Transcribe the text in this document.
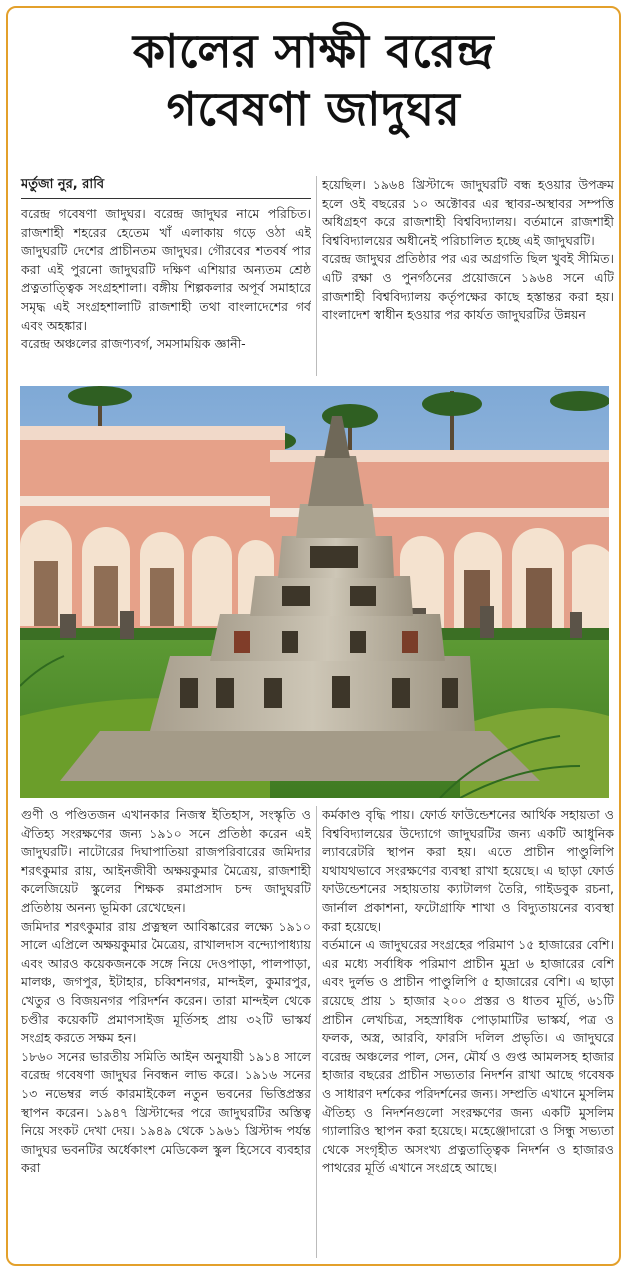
কালের সাক্ষী বরেন্দ্র
গবেষণা জাদুঘর
মর্তুজা নুর, রাবি

বরেন্দ্র গবেষণা জাদুঘর। বরেন্দ্র জাদুঘর নামে পরিচিত। রাজশাহী শহরের হেতেম খাঁ এলাকায় গড়ে ওঠা এই জাদুঘরটি দেশের প্রাচীনতম জাদুঘর। গৌরবের শতবর্ষ পার করা এই পুরনো জাদুঘরটি দক্ষিণ এশিয়ার অন্যতম শ্রেষ্ঠ প্রত্নতাত্ত্বিক সংগ্রহশালা। বঙ্গীয় শিল্পকলার অপূর্ব সমাহারে সমৃদ্ধ এই সংগ্রহশালাটি রাজশাহী তথা বাংলাদেশের গর্ব এবং অহঙ্কার।

বরেন্দ্র অঞ্চলের রাজণ্যবর্গ, সমসাময়িক জ্ঞানী-

হয়েছিল। ১৯৬৪ খ্রিস্টাব্দে জাদুঘরটি বন্ধ হওয়ার উপক্রম হলে ওই বছরের ১০ অক্টোবর এর স্থাবর-অস্থাবর সম্পত্তি অধিগ্রহণ করে রাজশাহী বিশ্ববিদ্যালয়। বর্তমানে রাজশাহী বিশ্ববিদ্যালয়ের অধীনেই পরিচালিত হচ্ছে এই জাদুঘরটি।

বরেন্দ্র জাদুঘর প্রতিষ্ঠার পর এর অগ্রগতি ছিল খুবই সীমিত। এটি রক্ষা ও পুনর্গঠনের প্রয়োজনে ১৯৬৪ সনে এটি রাজশাহী বিশ্ববিদ্যালয় কর্তৃপক্ষের কাছে হস্তান্তর করা হয়। বাংলাদেশ স্বাধীন হওয়ার পর কার্যত জাদুঘরটির উন্নয়ন

গুণী ও পণ্ডিতজন এখানকার নিজস্ব ইতিহাস, সংস্কৃতি ও ঐতিহ্য সংরক্ষণের জন্য ১৯১০ সনে প্রতিষ্ঠা করেন এই জাদুঘরটি। নাটোরের দিঘাপাতিয়া রাজপরিবারের জমিদার শরৎকুমার রায়, আইনজীবী অক্ষয়কুমার মৈত্রেয়, রাজশাহী কলেজিয়েট স্কুলের শিক্ষক রমাপ্রসাদ চন্দ জাদুঘরটি প্রতিষ্ঠায় অনন্য ভূমিকা রেখেছেন।

জমিদার শরৎকুমার রায় প্রত্নস্থল আবিষ্কারের লক্ষ্যে ১৯১০ সালে এপ্রিলে অক্ষয়কুমার মৈত্রেয়, রাখালদাস বন্দ্যোপাধ্যায় এবং আরও কয়েকজনকে সঙ্গে নিয়ে দেওপাড়া, পালপাড়া, মালঞ্চ, জগপুর, ইটাহার, চব্বিশনগর, মান্দইল, কুমারপুর, খেতুর ও বিজয়নগর পরিদর্শন করেন। তারা মান্দইল থেকে চণ্ডীর কয়েকটি প্রমাণসাইজ মূর্তিসহ প্রায় ৩২টি ভাস্কর্য সংগ্রহ করতে সক্ষম হন।

১৮৬০ সনের ভারতীয় সমিতি আইন অনুযায়ী ১৯১৪ সালে বরেন্দ্র গবেষণা জাদুঘর নিবন্ধন লাভ করে। ১৯১৬ সনের ১৩ নভেম্বর লর্ড কারমাইকেল নতুন ভবনের ভিত্তিপ্রস্তর স্থাপন করেন। ১৯৪৭ খ্রিস্টাব্দের পরে জাদুঘরটির অস্তিত্ব নিয়ে সংকট দেখা দেয়। ১৯৪৯ থেকে ১৯৬১ খ্রিস্টাব্দ পর্যন্ত জাদুঘর ভবনটির অর্ধেকাংশ মেডিকেল স্কুল হিসেবে ব্যবহার করা

কর্মকাণ্ড বৃদ্ধি পায়। ফোর্ড ফাউন্ডেশনের আর্থিক সহায়তা ও বিশ্ববিদ্যালয়ের উদ্যোগে জাদুঘরটির জন্য একটি আধুনিক ল্যাবরেটরি স্থাপন করা হয়। এতে প্রাচীন পাণ্ডুলিপি যথাযথভাবে সংরক্ষণের ব্যবস্থা রাখা হয়েছে। এ ছাড়া ফোর্ড ফাউন্ডেশনের সহায়তায় ক্যাটালগ তৈরি, গাইডবুক রচনা, জার্নাল প্রকাশনা, ফটোগ্রাফি শাখা ও বিদ্যুতায়নের ব্যবস্থা করা হয়েছে।

বর্তমানে এ জাদুঘরের সংগ্রহের পরিমাণ ১৫ হাজারের বেশি। এর মধ্যে সর্বাধিক পরিমাণ প্রাচীন মুদ্রা ৬ হাজারের বেশি এবং দুর্লভ ও প্রাচীন পাণ্ডুলিপি ৫ হাজারের বেশি। এ ছাড়া রয়েছে প্রায় ১ হাজার ২০০ প্রস্তর ও ধাতব মূর্তি, ৬১টি প্রাচীন লেখচিত্র, সহস্রাধিক পোড়ামাটির ভাস্কর্য, পত্র ও ফলক, অস্ত্র, আরবি, ফারসি দলিল প্রভৃতি। এ জাদুঘরে বরেন্দ্র অঞ্চলের পাল, সেন, মৌর্য ও গুপ্ত আমলসহ হাজার হাজার বছরের প্রাচীন সভ্যতার নিদর্শন রাখা আছে গবেষক ও সাধারণ দর্শকের পরিদর্শনের জন্য। সম্প্রতি এখানে মুসলিম ঐতিহ্য ও নিদর্শনগুলো সংরক্ষণের জন্য একটি মুসলিম গ্যালারিও স্থাপন করা হয়েছে। মহেঞ্জোদারো ও সিন্ধু সভ্যতা থেকে সংগৃহীত অসংখ্য প্রত্নতাত্ত্বিক নিদর্শন ও হাজারও পাথরের মূর্তি এখানে সংগ্রহে আছে।
